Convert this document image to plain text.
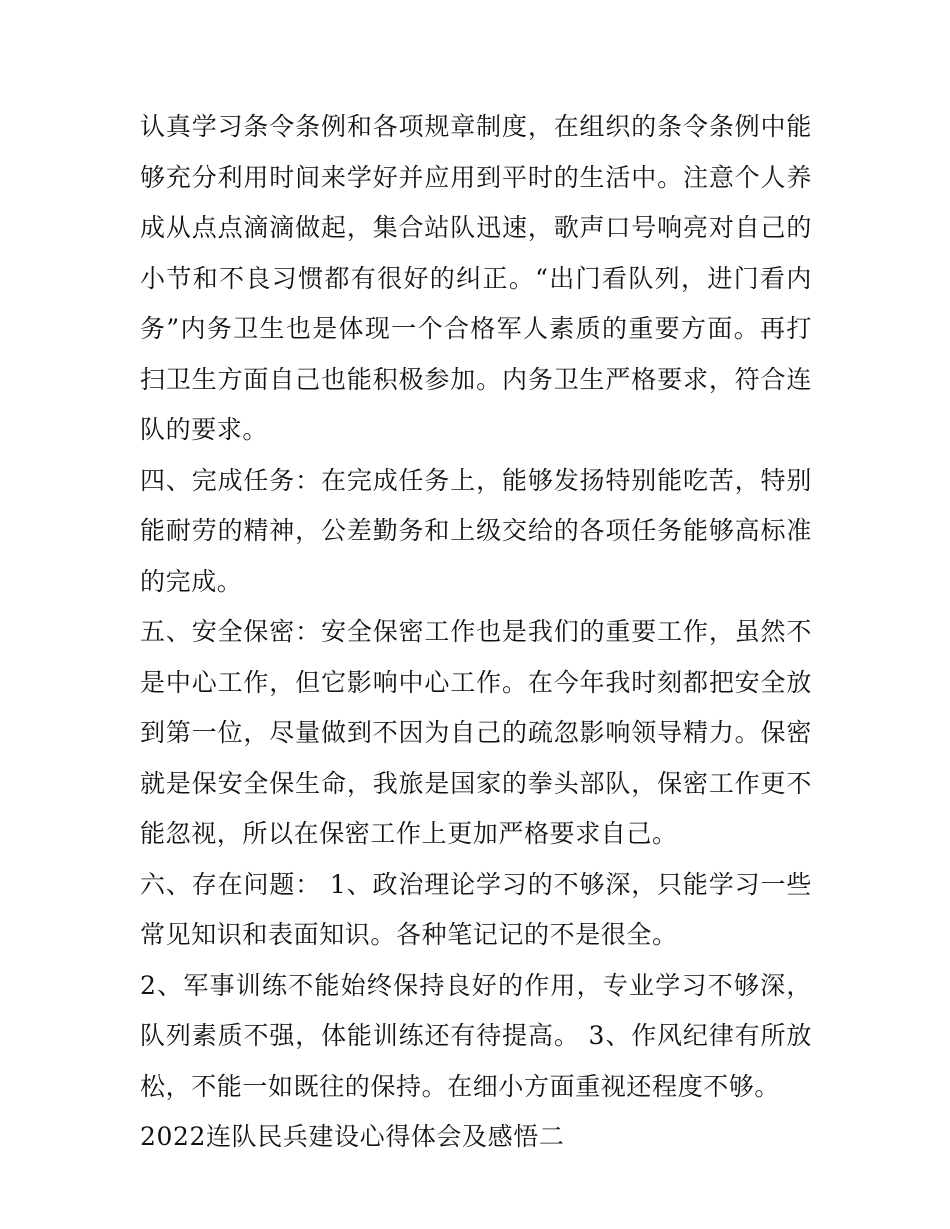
认真学习条令条例和各项规章制度，在组织的条令条例中能够充分利用时间来学好并应用到平时的生活中。注意个人养成从点点滴滴做起，集合站队迅速，歌声口号响亮对自己的小节和不良习惯都有很好的纠正。“出门看队列，进门看内务”内务卫生也是体现一个合格军人素质的重要方面。再打扫卫生方面自己也能积极参加。内务卫生严格要求，符合连队的要求。

四、完成任务：在完成任务上，能够发扬特别能吃苦，特别能耐劳的精神，公差勤务和上级交给的各项任务能够高标准的完成。

五、安全保密：安全保密工作也是我们的重要工作，虽然不是中心工作，但它影响中心工作。在今年我时刻都把安全放到第一位，尽量做到不因为自己的疏忽影响领导精力。保密就是保安全保生命，我旅是国家的拳头部队，保密工作更不能忽视，所以在保密工作上更加严格要求自己。

六、存在问题： 1、政治理论学习的不够深，只能学习一些常见知识和表面知识。各种笔记记的不是很全。

2、军事训练不能始终保持良好的作用，专业学习不够深，队列素质不强，体能训练还有待提高。 3、作风纪律有所放松，不能一如既往的保持。在细小方面重视还程度不够。

2022连队民兵建设心得体会及感悟二
